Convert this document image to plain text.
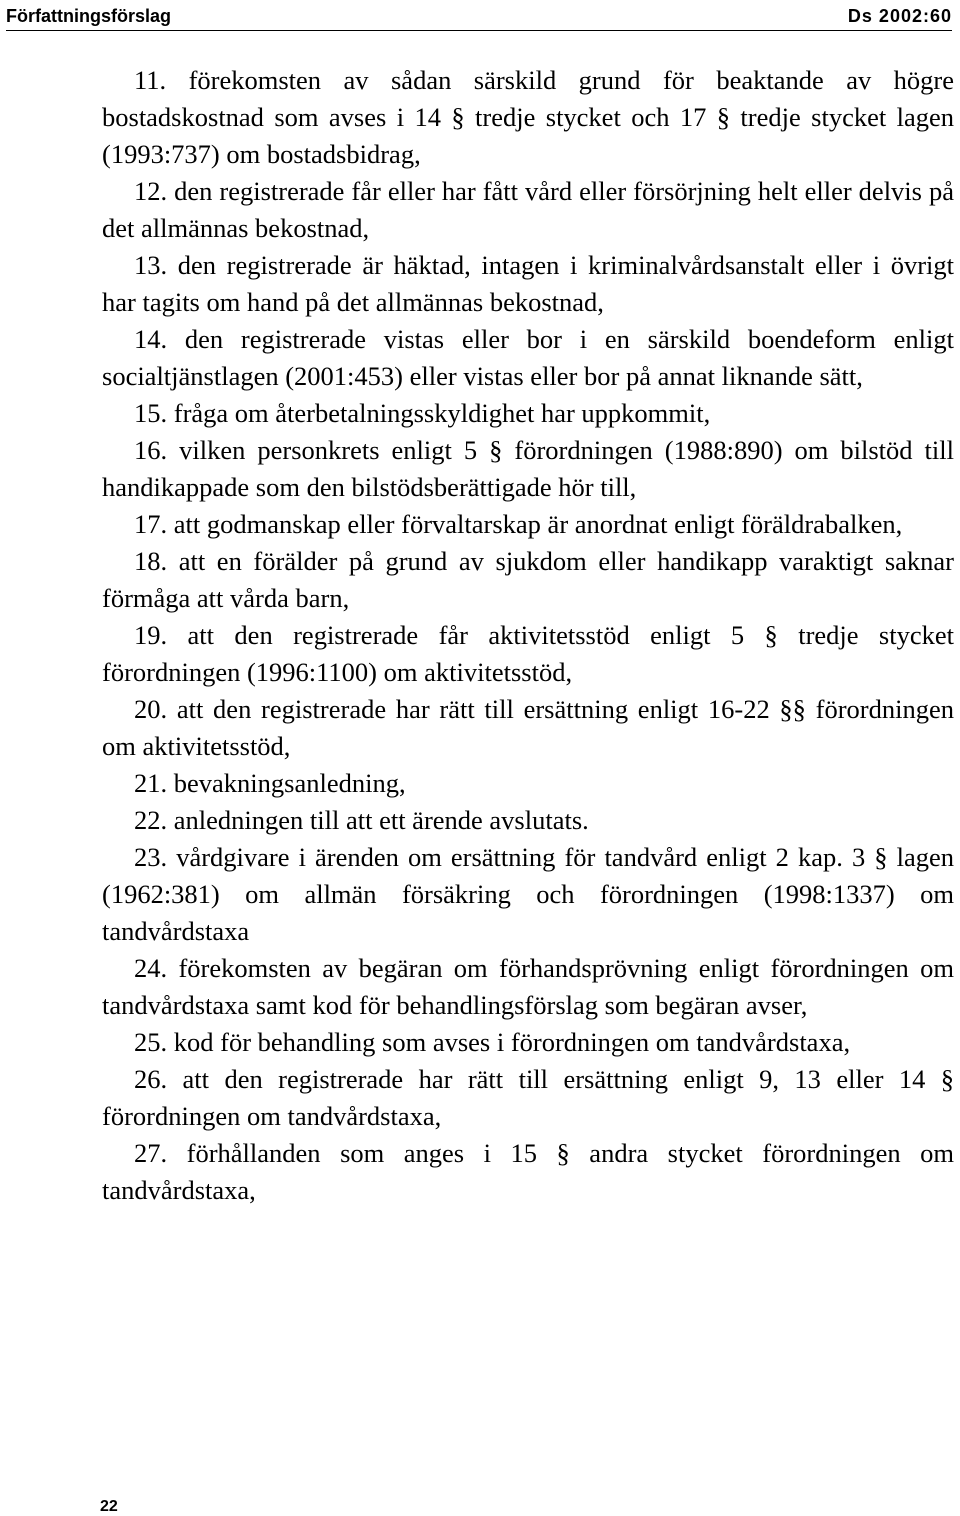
Författningsförslag	Ds 2002:60

11. förekomsten av sådan särskild grund för beaktande av högre bostadskostnad som avses i 14 § tredje stycket och 17 § tredje stycket lagen (1993:737) om bostadsbidrag,

12. den registrerade får eller har fått vård eller försörjning helt eller delvis på det allmännas bekostnad,

13. den registrerade är häktad, intagen i kriminalvårdsanstalt eller i övrigt har tagits om hand på det allmännas bekostnad,

14. den registrerade vistas eller bor i en särskild boendeform enligt socialtjänstlagen (2001:453) eller vistas eller bor på annat liknande sätt,

15. fråga om återbetalningsskyldighet har uppkommit,

16. vilken personkrets enligt 5 § förordningen (1988:890) om bilstöd till handikappade som den bilstödsberättigade hör till,

17. att godmanskap eller förvaltarskap är anordnat enligt föräldrabalken,

18. att en förälder på grund av sjukdom eller handikapp varaktigt saknar förmåga att vårda barn,

19. att den registrerade får aktivitetsstöd enligt 5 § tredje stycket förordningen (1996:1100) om aktivitetsstöd,

20. att den registrerade har rätt till ersättning enligt 16-22 §§ förordningen om aktivitetsstöd,

21. bevakningsanledning,

22. anledningen till att ett ärende avslutats.

23. vårdgivare i ärenden om ersättning för tandvård enligt 2 kap. 3 § lagen (1962:381) om allmän försäkring och förordningen (1998:1337) om tandvårdstaxa

24. förekomsten av begäran om förhandsprövning enligt förordningen om tandvårdstaxa samt kod för behandlingsförslag som begäran avser,

25. kod för behandling som avses i förordningen om tandvårdstaxa,

26. att den registrerade har rätt till ersättning enligt 9, 13 eller 14 § förordningen om tandvårdstaxa,

27. förhållanden som anges i 15 § andra stycket förordningen om tandvårdstaxa,

22
